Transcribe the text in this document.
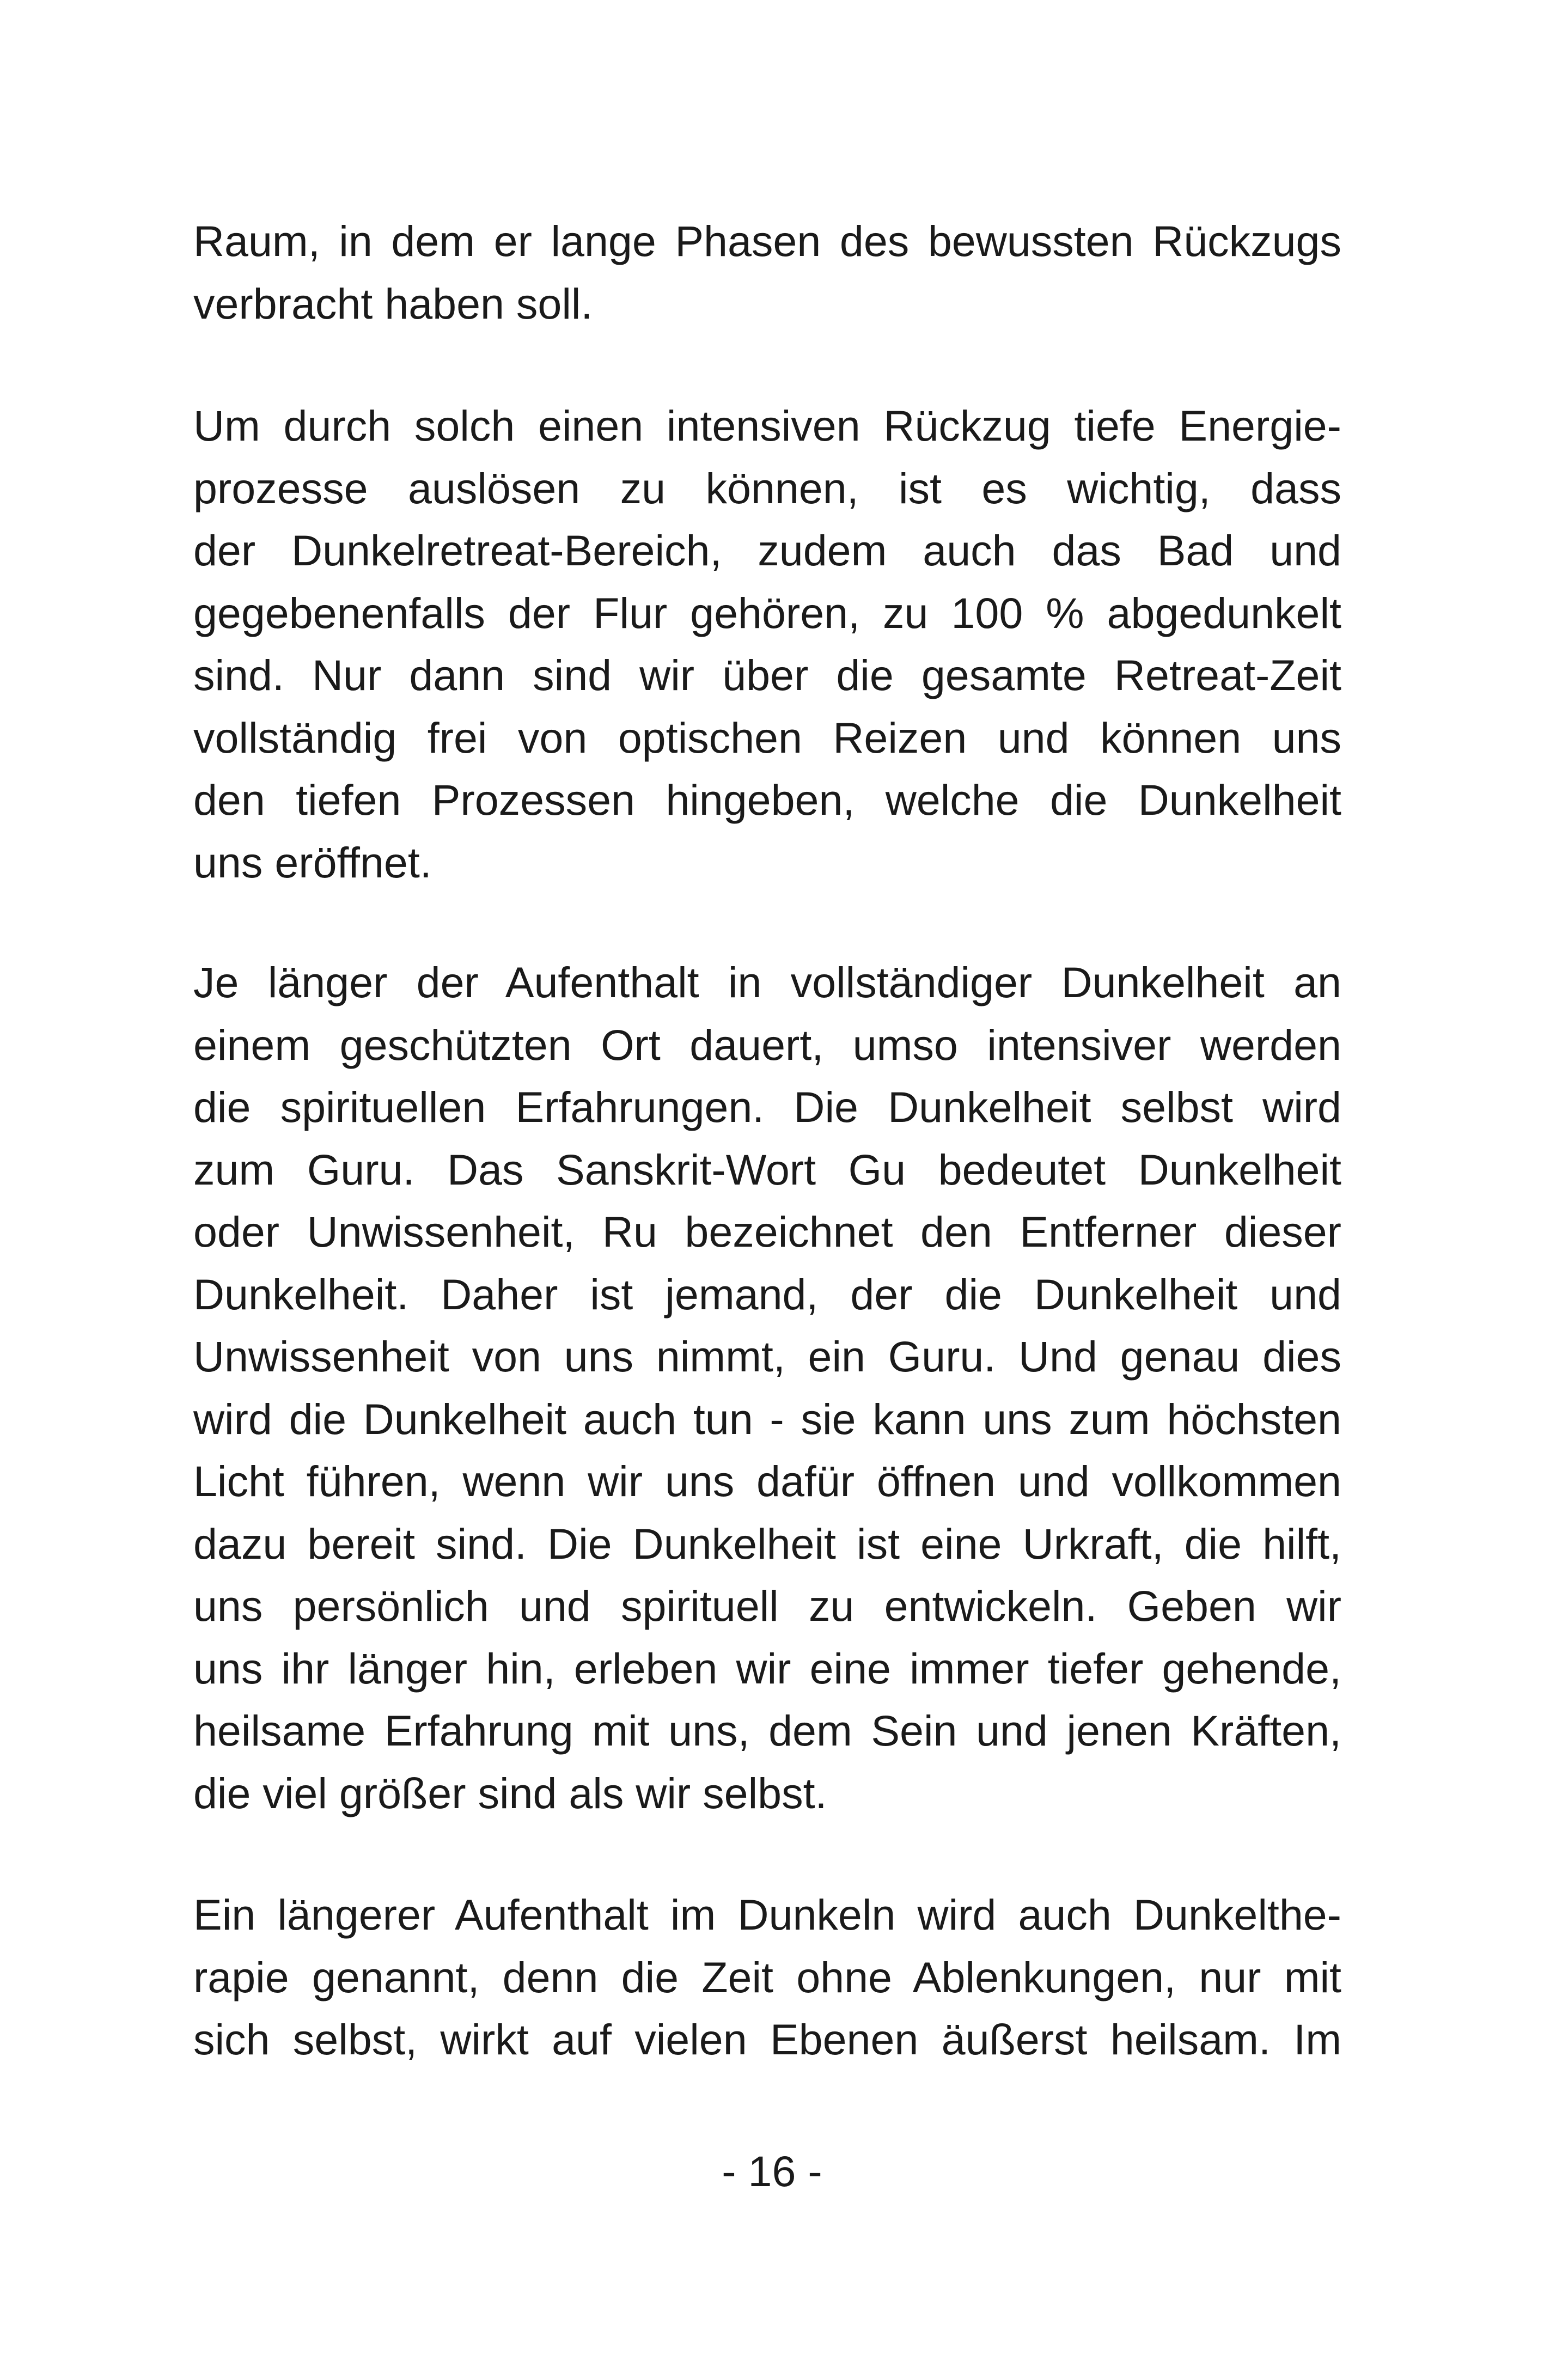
Raum, in dem er lange Phasen des bewussten Rückzugs
verbracht haben soll.

Um durch solch einen intensiven Rückzug tiefe Energie-
prozesse auslösen zu können, ist es wichtig, dass
der Dunkelretreat-Bereich, zudem auch das Bad und
gegebenenfalls der Flur gehören, zu 100 % abgedunkelt
sind. Nur dann sind wir über die gesamte Retreat-Zeit
vollständig frei von optischen Reizen und können uns
den tiefen Prozessen hingeben, welche die Dunkelheit
uns eröffnet.

Je länger der Aufenthalt in vollständiger Dunkelheit an
einem geschützten Ort dauert, umso intensiver werden
die spirituellen Erfahrungen. Die Dunkelheit selbst wird
zum Guru. Das Sanskrit-Wort Gu bedeutet Dunkelheit
oder Unwissenheit, Ru bezeichnet den Entferner dieser
Dunkelheit. Daher ist jemand, der die Dunkelheit und
Unwissenheit von uns nimmt, ein Guru. Und genau dies
wird die Dunkelheit auch tun - sie kann uns zum höchsten
Licht führen, wenn wir uns dafür öffnen und vollkommen
dazu bereit sind. Die Dunkelheit ist eine Urkraft, die hilft,
uns persönlich und spirituell zu entwickeln. Geben wir
uns ihr länger hin, erleben wir eine immer tiefer gehende,
heilsame Erfahrung mit uns, dem Sein und jenen Kräften,
die viel größer sind als wir selbst.

Ein längerer Aufenthalt im Dunkeln wird auch Dunkelthe-
rapie genannt, denn die Zeit ohne Ablenkungen, nur mit
sich selbst, wirkt auf vielen Ebenen äußerst heilsam. Im

- 16 -
